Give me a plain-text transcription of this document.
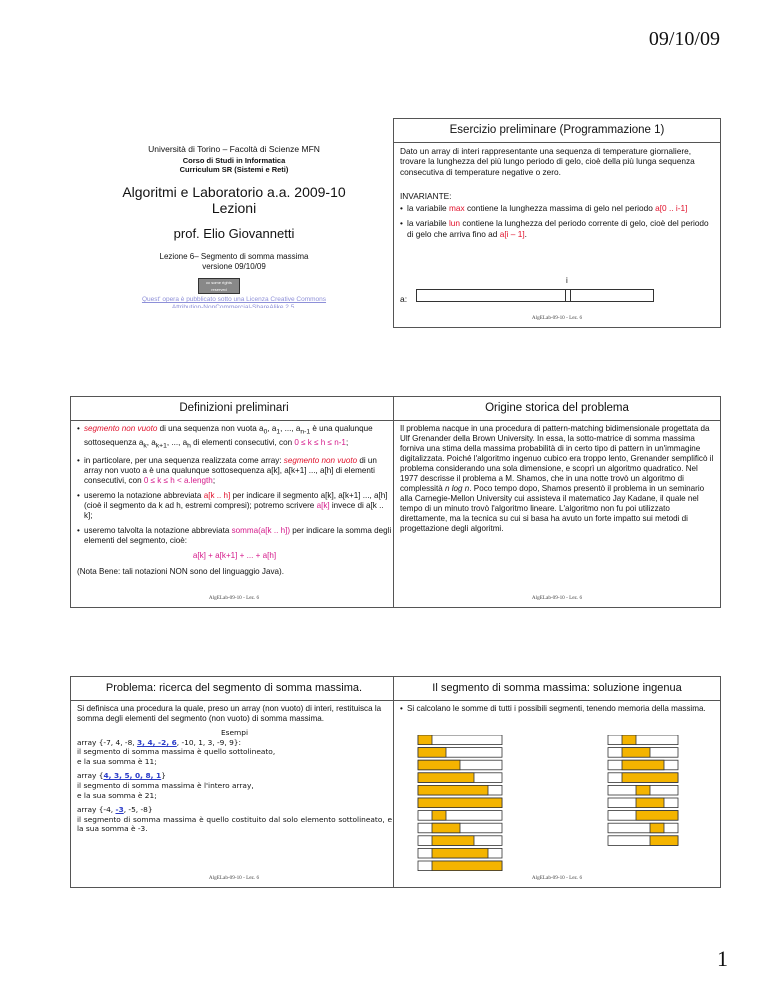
09/10/09
Università di Torino – Facoltà di Scienze MFN
Corso di Studi in Informatica
Curriculum SR (Sistemi e Reti)
Algoritmi e Laboratorio a.a. 2009-10
Lezioni
prof. Elio Giovannetti
Lezione 6– Segmento di somma massima
versione 09/10/09
cc some rights reserved
Quest' opera è pubblicato sotto una Licenza Creative Commons
Attribution-NonCommercial-ShareAlike 2.5.
Esercizio preliminare (Programmazione 1)

Dato un array di interi rappresentante una sequenza di temperature giornaliere, trovare la lunghezza del più lungo periodo di gelo, cioè della più lunga sequenza consecutiva di temperature negative o zero.

INVARIANTE:

• la variabile max contiene la lunghezza massima di gelo nel periodo a[0 .. i-1]
• la variabile lun contiene la lunghezza del periodo corrente di gelo, cioè del periodo di gelo che arriva fino ad a[i – 1].
i
a:
AlgELab-09-10 - Lez. 6
Definizioni preliminari
• segmento non vuoto di una sequenza non vuota $a_0$, $a_1$, ..., $a_{n-1}$ è una qualunque sottosequenza $a_k$, $a_{k+1}$, ..., $a_h$ di elementi consecutivi, con 0 ≤ k ≤ h ≤ n-1;
• in particolare, per una sequenza realizzata come array: segmento non vuoto di un array non vuoto a è una qualunque sottosequenza a[k], a[k+1] ..., a[h] di elementi consecutivi, con 0 ≤ k ≤ h < a.length;
• useremo la notazione abbreviata a[k .. h] per indicare il segmento a[k], a[k+1] ..., a[h] (cioè il segmento da k ad h, estremi compresi); potremo scrivere a[k] invece di a[k .. k];
• useremo talvolta la notazione abbreviata somma(a[k .. h]) per indicare la somma degli elementi del segmento, cioè:
a[k] + a[k+1] + ... + a[h]

(Nota Bene: tali notazioni NON sono del linguaggio Java).

AlgELab-09-10 - Lez. 6
Origine storica del problema

Il problema nacque in una procedura di pattern-matching bidimensionale progettata da Ulf Grenander della Brown University. In essa, la sotto-matrice di somma massima forniva una stima della massima probabilità di in certo tipo di pattern in un'immagine digitalizzata. Poiché l'algoritmo ingenuo cubico era troppo lento, Grenander semplificò il problema considerando una sola dimensione, e scoprì un algoritmo quadratico. Nel 1977 descrisse il problema a M. Shamos, che in una notte trovò un algoritmo di complessità n log n. Poco tempo dopo, Shamos presentò il problema in un seminario alla Carnegie-Mellon University cui assisteva il matematico Jay Kadane, il quale nel tempo di un minuto trovò l'algoritmo lineare. L'algoritmo non fu poi utilizzato direttamente, ma la tecnica su cui si basa ha avuto un forte impatto sui metodi di progettazione degli algoritmi.

AlgELab-09-10 - Lez. 6
Problema: ricerca del segmento di somma massima.

Si definisca una procedura la quale, preso un array (non vuoto) di interi, restituisca la somma degli elementi del segmento (non vuoto) di somma massima.

Esempi
array {-7, 4, -8, 3, 4, -2, 6, -10, 1, 3, -9, 9}:
il segmento di somma massima è quello sottolineato,
e la sua somma è 11;
array {4, 3, 5, 0, 8, 1}
il segmento di somma massima è l'intero array,
e la sua somma è 21;
array {-4, -3, -5, -8}
il segmento di somma massima è quello costituito dal solo elemento sottolineato, e la sua somma è -3.
AlgELab-09-10 - Lez. 6
Il segmento di somma massima: soluzione ingenua
• Si calcolano le somme di tutti i possibili segmenti, tenendo memoria della massima.
AlgELab-09-10 - Lez. 6
1
